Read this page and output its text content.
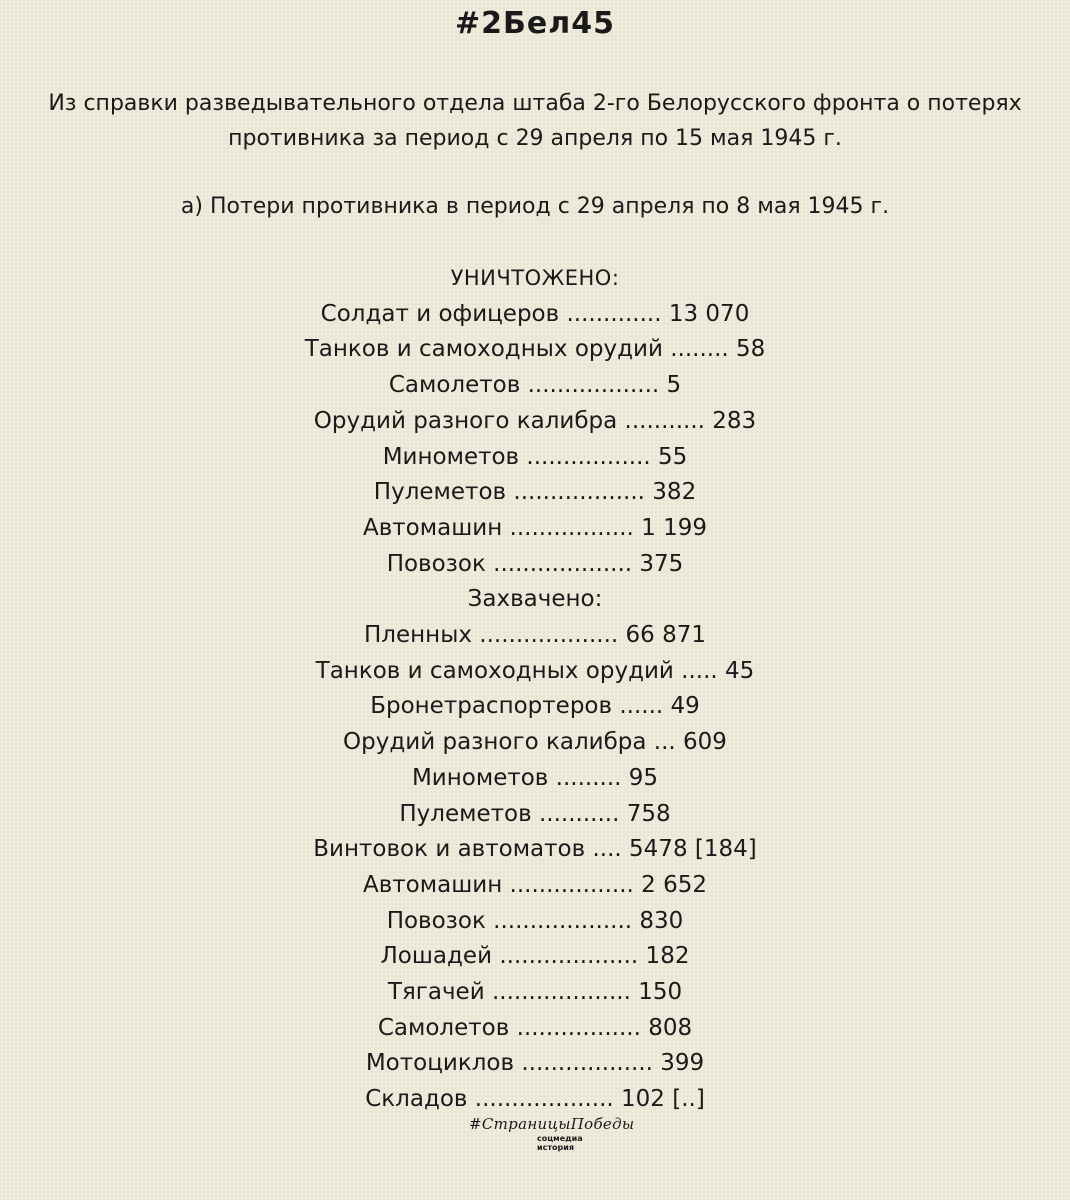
#2Бел45
Из справки разведывательного отдела штаба 2-го Белорусского фронта о потерях
противника за период с 29 апреля по 15 мая 1945 г.
а) Потери противника в период с 29 апреля по 8 мая 1945 г.
УНИЧТОЖЕНО:
Солдат и офицеров ............. 13 070
Танков и самоходных орудий ........ 58
Самолетов .................. 5
Орудий разного калибра ........... 283
Минометов ................. 55
Пулеметов .................. 382
Автомашин ................. 1 199
Повозок ................... 375
Захвачено:
Пленных ................... 66 871
Танков и самоходных орудий ..... 45
Бронетраспортеров ...... 49
Орудий разного калибра ... 609
Минометов ......... 95
Пулеметов ........... 758
Винтовок и автоматов .... 5478 [184]
Автомашин ................. 2 652
Повозок ................... 830
Лошадей ................... 182
Тягачей ................... 150
Самолетов ................. 808
Мотоциклов .................. 399
Складов ................... 102 [..]
#СтраницыПобеды
соцмедиа
история
